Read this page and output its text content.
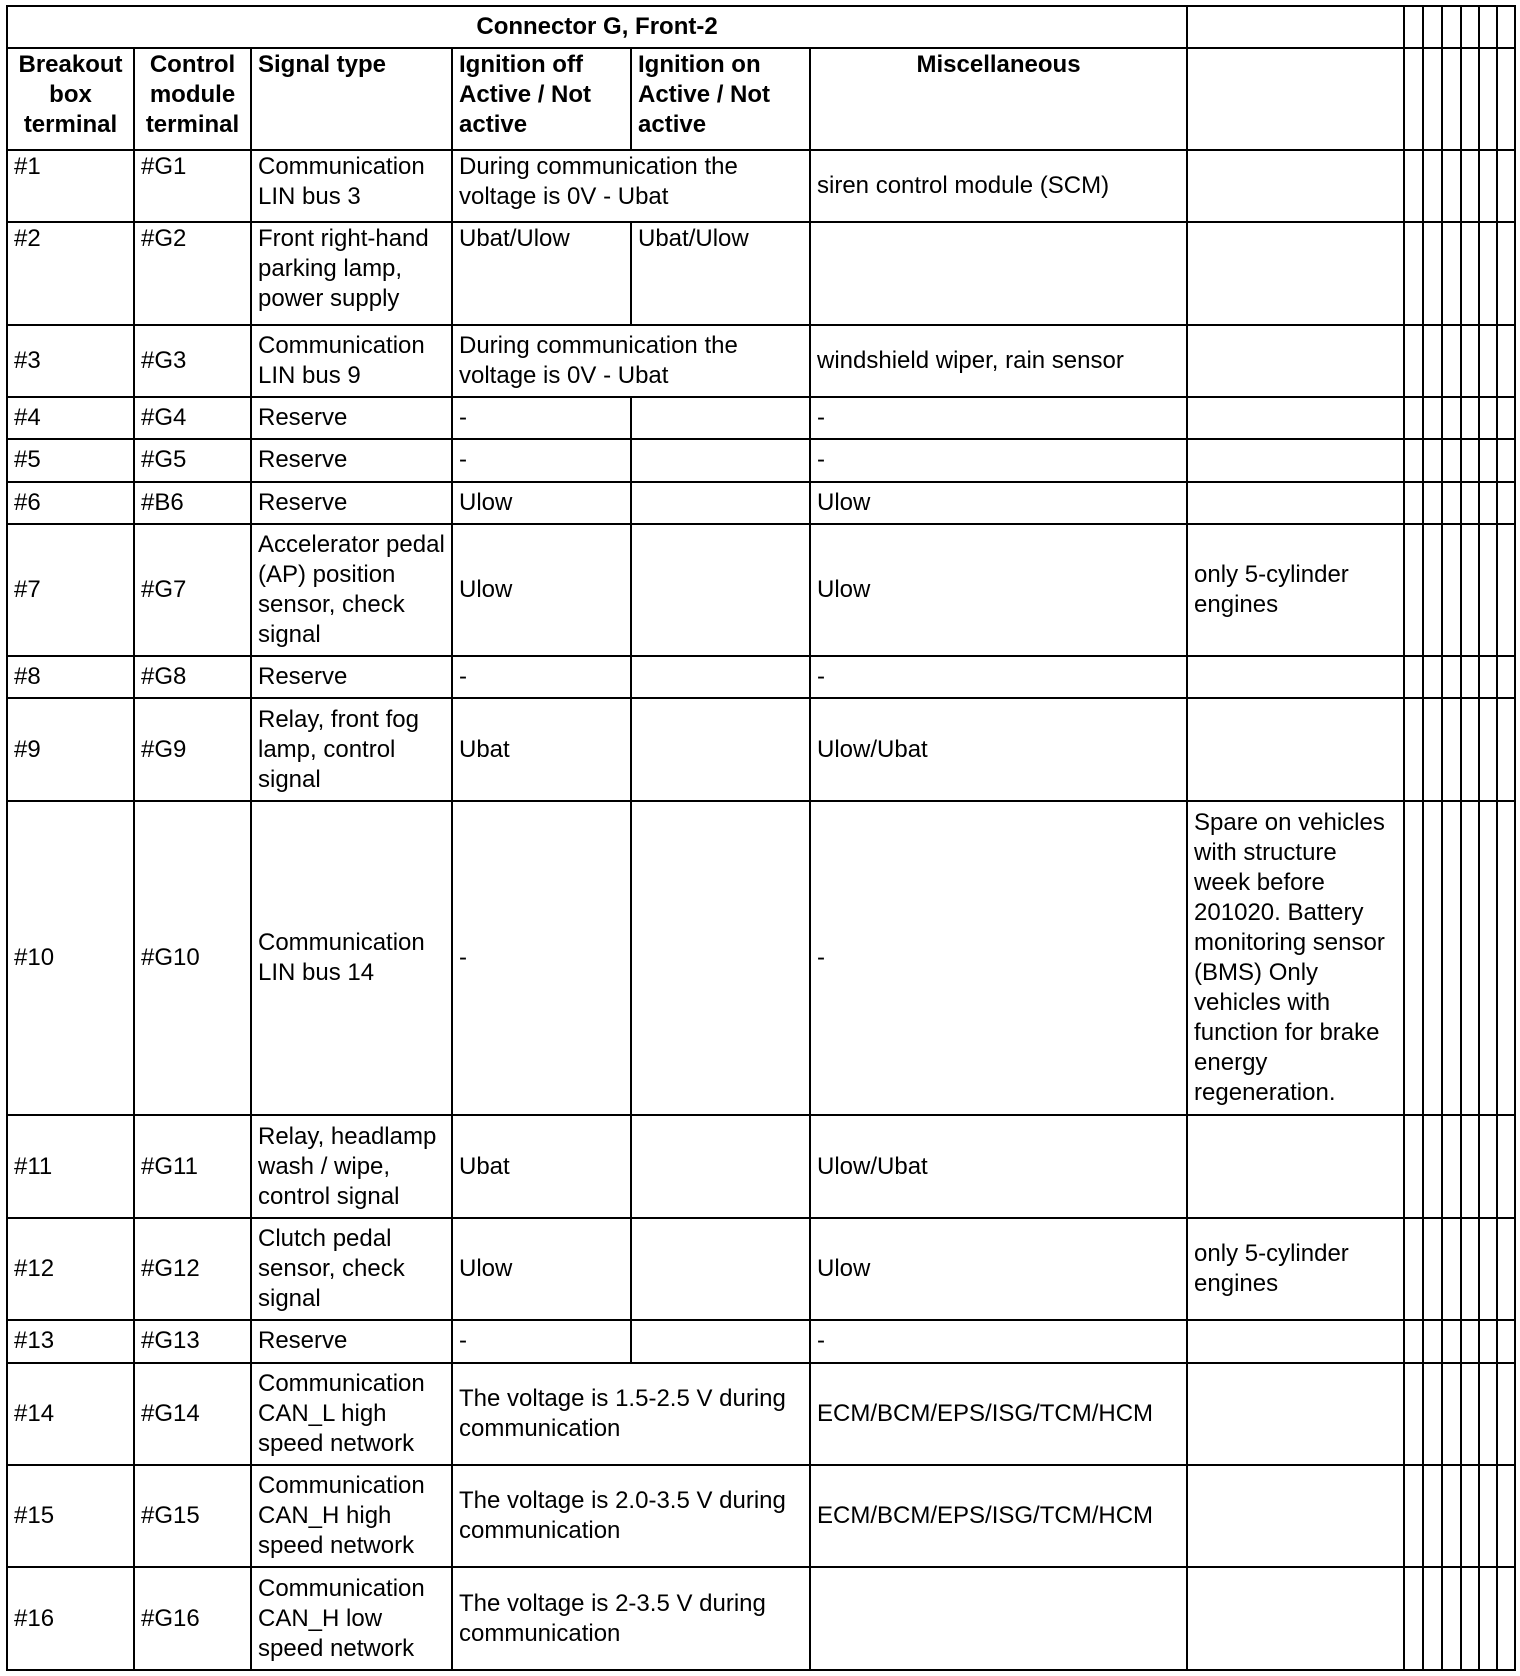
Connector G, Front-2													
Breakout box terminal	Control module terminal	Signal type	Ignition off Active / Not active	Ignition on Active / Not active	Miscellaneous								
#1	#G1	Communication LIN bus 3	During communication the voltage is 0V - Ubat		siren control module (SCM)								
#2	#G2	Front right-hand parking lamp, power supply	Ubat/Ulow	Ubat/Ulow									
#3	#G3	Communication LIN bus 9	During communication the voltage is 0V - Ubat		windshield wiper, rain sensor								
#4	#G4	Reserve	-		-								
#5	#G5	Reserve	-		-								
#6	#B6	Reserve	Ulow		Ulow								
#7	#G7	Accelerator pedal (AP) position sensor, check signal	Ulow		Ulow	only 5-cylinder engines							
#8	#G8	Reserve	-		-								
#9	#G9	Relay, front fog lamp, control signal	Ubat		Ulow/Ubat								
#10	#G10	Communication LIN bus 14	-		-	Spare on vehicles with structure week before 201020. Battery monitoring sensor (BMS) Only vehicles with function for brake energy regeneration.							
#11	#G11	Relay, headlamp wash / wipe, control signal	Ubat		Ulow/Ubat								
#12	#G12	Clutch pedal sensor, check signal	Ulow		Ulow	only 5-cylinder engines							
#13	#G13	Reserve	-		-								
#14	#G14	Communication CAN_L high speed network	The voltage is 1.5-2.5 V during communication		ECM/BCM/EPS/ISG/TCM/HCM								
#15	#G15	Communication CAN_H high speed network	The voltage is 2.0-3.5 V during communication		ECM/BCM/EPS/ISG/TCM/HCM								
#16	#G16	Communication CAN_H low speed network	The voltage is 2-3.5 V during communication										
